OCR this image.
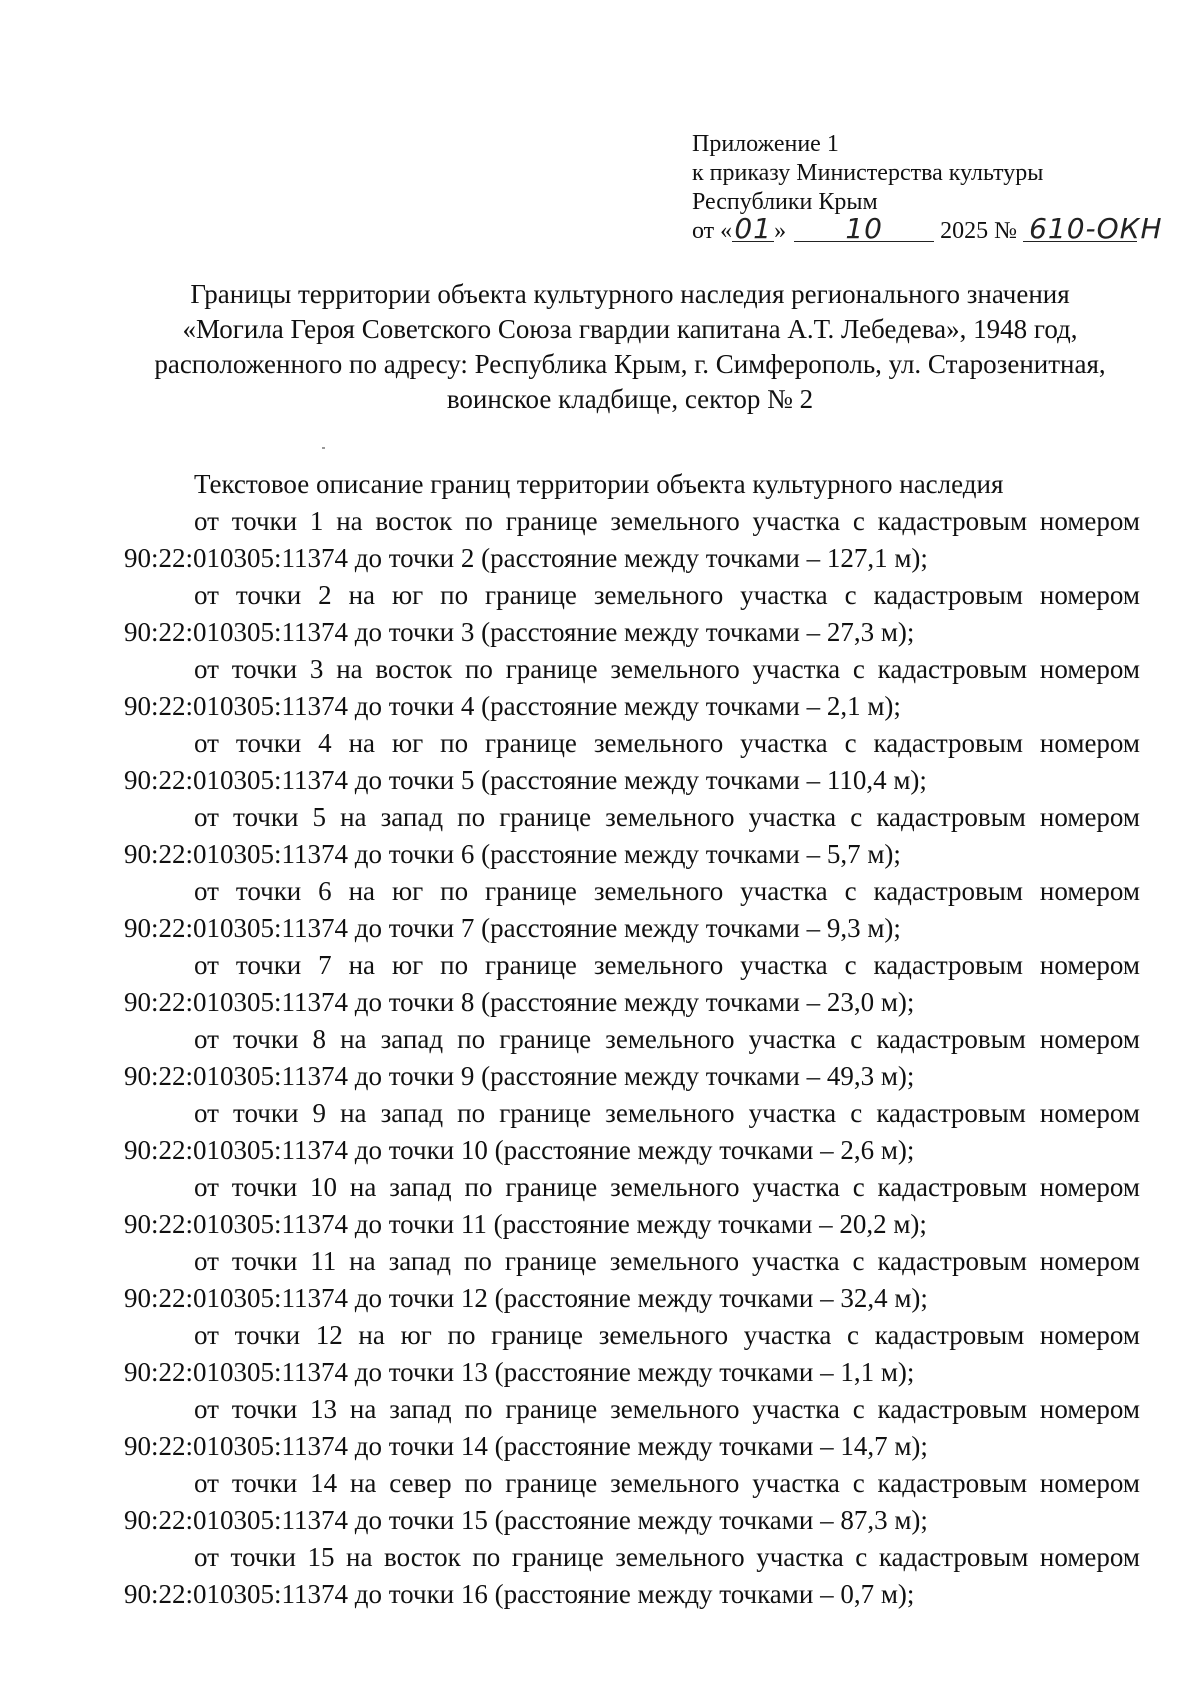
Приложение 1
к приказу Министерства культуры
Республики Крым
от «01» 10 2025 № 610-ОКН
Границы территории объекта культурного наследия регионального значения
«Могила Героя Советского Союза гвардии капитана А.Т. Лебедева», 1948 год,
расположенного по адресу: Республика Крым, г. Симферополь, ул. Старозенитная,
воинское кладбище, сектор № 2
Текстовое описание границ территории объекта культурного наследия
от точки 1 на восток по границе земельного участка с кадастровым номером 90:22:010305:11374 до точки 2 (расстояние между точками – 127,1 м);
от точки 2 на юг по границе земельного участка с кадастровым номером 90:22:010305:11374 до точки 3 (расстояние между точками – 27,3 м);
от точки 3 на восток по границе земельного участка с кадастровым номером 90:22:010305:11374 до точки 4 (расстояние между точками – 2,1 м);
от точки 4 на юг по границе земельного участка с кадастровым номером 90:22:010305:11374 до точки 5 (расстояние между точками – 110,4 м);
от точки 5 на запад по границе земельного участка с кадастровым номером 90:22:010305:11374 до точки 6 (расстояние между точками – 5,7 м);
от точки 6 на юг по границе земельного участка с кадастровым номером 90:22:010305:11374 до точки 7 (расстояние между точками – 9,3 м);
от точки 7 на юг по границе земельного участка с кадастровым номером 90:22:010305:11374 до точки 8 (расстояние между точками – 23,0 м);
от точки 8 на запад по границе земельного участка с кадастровым номером 90:22:010305:11374 до точки 9 (расстояние между точками – 49,3 м);
от точки 9 на запад по границе земельного участка с кадастровым номером 90:22:010305:11374 до точки 10 (расстояние между точками – 2,6 м);
от точки 10 на запад по границе земельного участка с кадастровым номером 90:22:010305:11374 до точки 11 (расстояние между точками – 20,2 м);
от точки 11 на запад по границе земельного участка с кадастровым номером 90:22:010305:11374 до точки 12 (расстояние между точками – 32,4 м);
от точки 12 на юг по границе земельного участка с кадастровым номером 90:22:010305:11374 до точки 13 (расстояние между точками – 1,1 м);
от точки 13 на запад по границе земельного участка с кадастровым номером 90:22:010305:11374 до точки 14 (расстояние между точками – 14,7 м);
от точки 14 на север по границе земельного участка с кадастровым номером 90:22:010305:11374 до точки 15 (расстояние между точками – 87,3 м);
от точки 15 на восток по границе земельного участка с кадастровым номером 90:22:010305:11374 до точки 16 (расстояние между точками – 0,7 м);
